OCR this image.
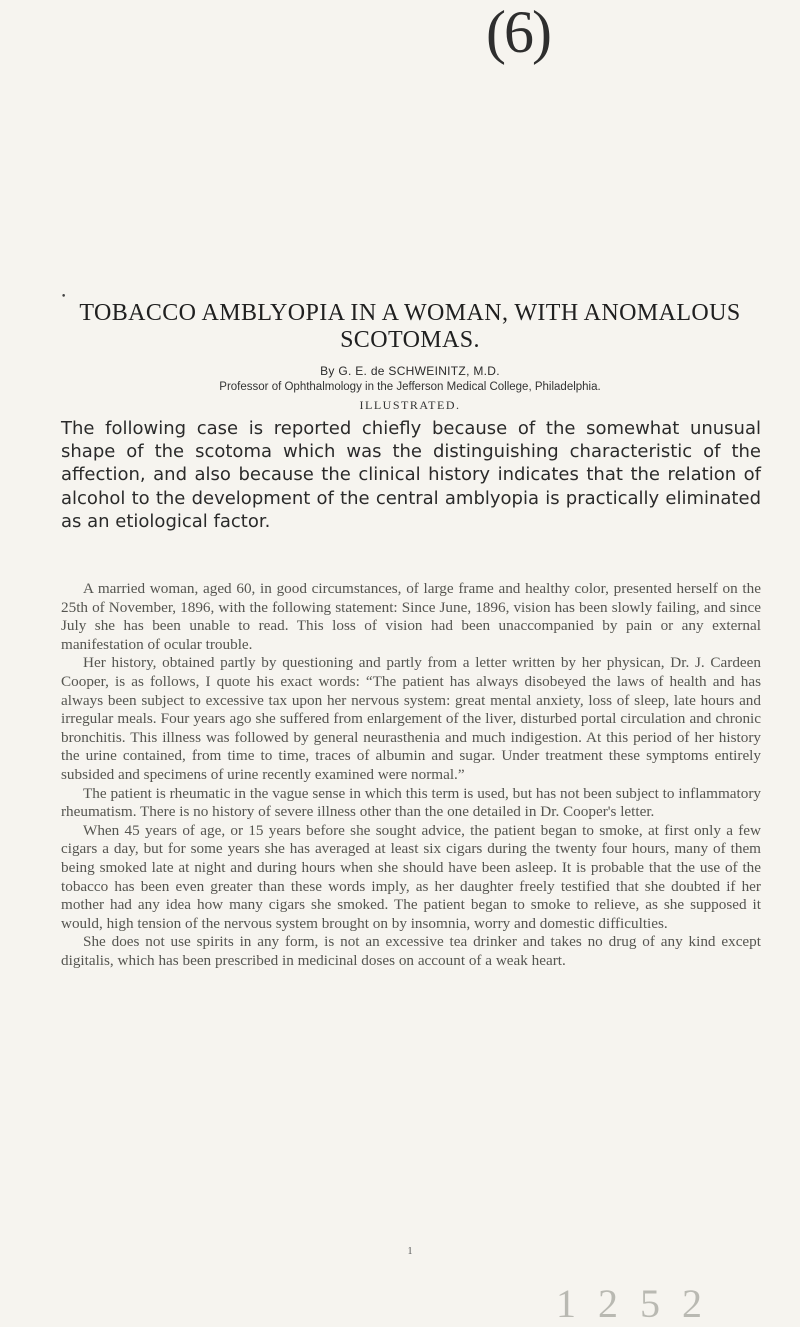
(6)
•
TOBACCO AMBLYOPIA IN A WOMAN, WITH ANOMALOUS
SCOTOMAS.
By G. E. de SCHWEINITZ, M.D.
Professor of Ophthalmology in the Jefferson Medical College, Philadelphia.
ILLUSTRATED.
The following case is reported chiefly because of the somewhat unusual shape of the scotoma which was the distinguishing characteristic of the affection, and also because the clinical history indicates that the relation of alcohol to the development of the central amblyopia is practically eliminated as an etiological factor.

A married woman, aged 60, in good circumstances, of large frame and healthy color, presented herself on the 25th of November, 1896, with the following statement: Since June, 1896, vision has been slowly failing, and since July she has been unable to read. This loss of vision had been unaccompanied by pain or any external manifestation of ocular trouble.

Her history, obtained partly by questioning and partly from a letter written by her physican, Dr. J. Cardeen Cooper, is as follows, I quote his exact words: “The patient has always disobeyed the laws of health and has always been subject to excessive tax upon her nervous system: great mental anxiety, loss of sleep, late hours and irregular meals. Four years ago she suffered from enlargement of the liver, disturbed portal circulation and chronic bronchitis. This illness was followed by general neurasthenia and much indigestion. At this period of her history the urine contained, from time to time, traces of albumin and sugar. Under treatment these symptoms entirely subsided and specimens of urine recently examined were normal.”

The patient is rheumatic in the vague sense in which this term is used, but has not been subject to inflammatory rheumatism. There is no history of severe illness other than the one detailed in Dr. Cooper's letter.

When 45 years of age, or 15 years before she sought advice, the patient began to smoke, at first only a few cigars a day, but for some years she has averaged at least six cigars during the twenty four hours, many of them being smoked late at night and during hours when she should have been asleep. It is probable that the use of the tobacco has been even greater than these words imply, as her daughter freely testified that she doubted if her mother had any idea how many cigars she smoked. The patient began to smoke to relieve, as she supposed it would, high tension of the nervous system brought on by insomnia, worry and domestic difficulties.

She does not use spirits in any form, is not an excessive tea drinker and takes no drug of any kind except digitalis, which has been prescribed in medicinal doses on account of a weak heart.

1
1 2 5 2
